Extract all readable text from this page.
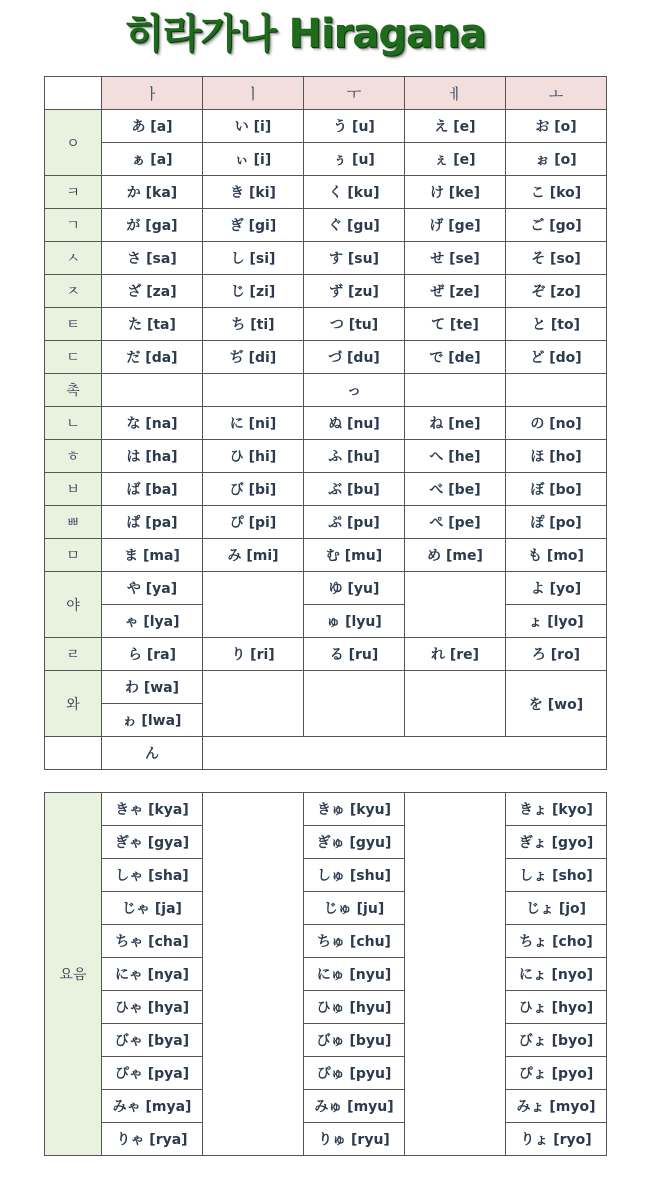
히라가나 Hiragana
	ㅏ	ㅣ	ㅜ	ㅔ	ㅗ
ㅇ	あ [a]	い [i]	う [u]	え [e]	お [o]
	ぁ [a]	ぃ [i]	ぅ [u]	ぇ [e]	ぉ [o]
ㅋ	か [ka]	き [ki]	く [ku]	け [ke]	こ [ko]
ㄱ	が [ga]	ぎ [gi]	ぐ [gu]	げ [ge]	ご [go]
ㅅ	さ [sa]	し [si]	す [su]	せ [se]	そ [so]
ㅈ	ざ [za]	じ [zi]	ず [zu]	ぜ [ze]	ぞ [zo]
ㅌ	た [ta]	ち [ti]	つ [tu]	て [te]	と [to]
ㄷ	だ [da]	ぢ [di]	づ [du]	で [de]	ど [do]
촉			っ		
ㄴ	な [na]	に [ni]	ぬ [nu]	ね [ne]	の [no]
ㅎ	は [ha]	ひ [hi]	ふ [hu]	へ [he]	ほ [ho]
ㅂ	ば [ba]	び [bi]	ぶ [bu]	べ [be]	ぼ [bo]
ㅃ	ぱ [pa]	ぴ [pi]	ぷ [pu]	ぺ [pe]	ぽ [po]
ㅁ	ま [ma]	み [mi]	む [mu]	め [me]	も [mo]
야	や [ya]		ゆ [yu]		よ [yo]
	ゃ [lya]		ゅ [lyu]		ょ [lyo]
ㄹ	ら [ra]	り [ri]	る [ru]	れ [re]	ろ [ro]
와	わ [wa]				を [wo]
	ゎ [lwa]				
	ん				
요음	きゃ [kya]		きゅ [kyu]		きょ [kyo]
	ぎゃ [gya]		ぎゅ [gyu]		ぎょ [gyo]
	しゃ [sha]		しゅ [shu]		しょ [sho]
	じゃ [ja]		じゅ [ju]		じょ [jo]
	ちゃ [cha]		ちゅ [chu]		ちょ [cho]
	にゃ [nya]		にゅ [nyu]		にょ [nyo]
	ひゃ [hya]		ひゅ [hyu]		ひょ [hyo]
	びゃ [bya]		びゅ [byu]		びょ [byo]
	ぴゃ [pya]		ぴゅ [pyu]		ぴょ [pyo]
	みゃ [mya]		みゅ [myu]		みょ [myo]
	りゃ [rya]		りゅ [ryu]		りょ [ryo]
